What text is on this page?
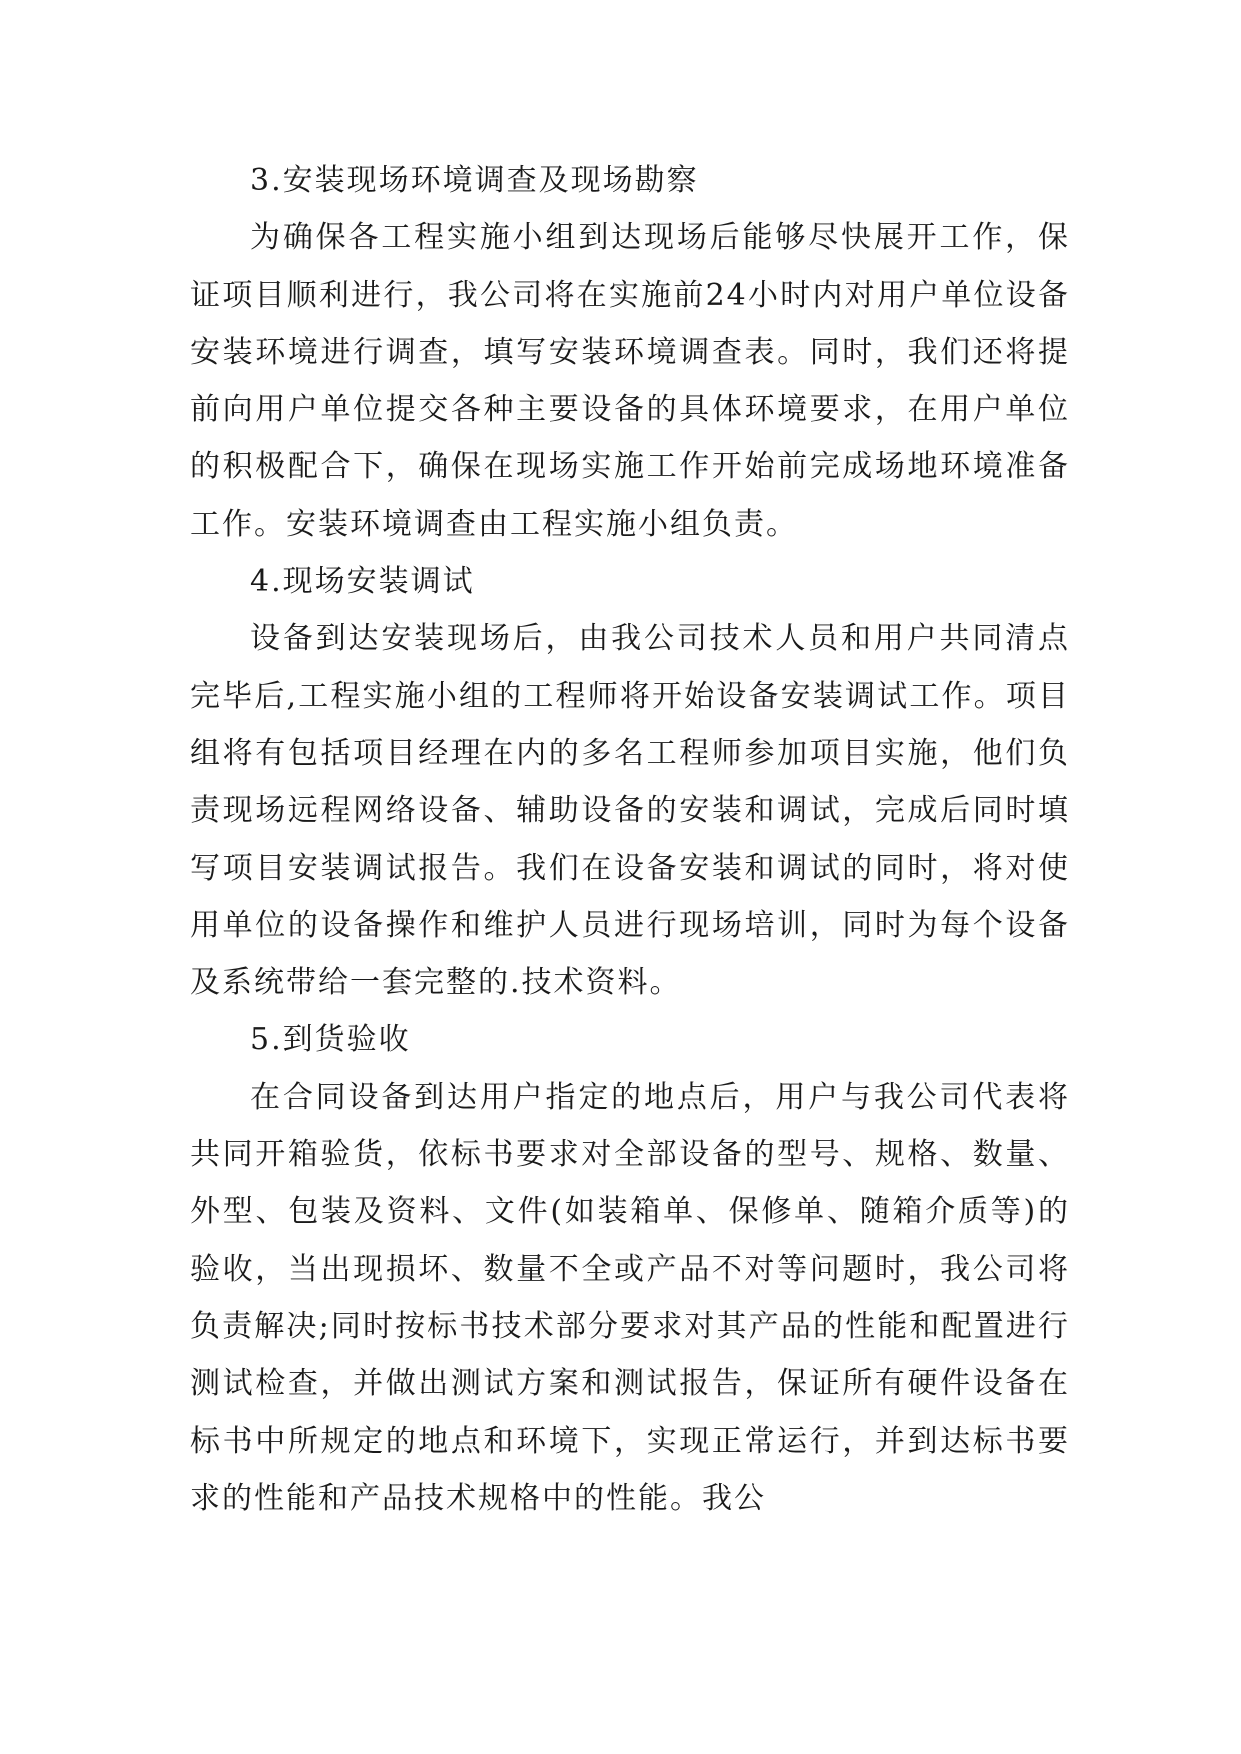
3.安装现场环境调查及现场勘察

为确保各工程实施小组到达现场后能够尽快展开工作，保证项目顺利进行，我公司将在实施前24小时内对用户单位设备安装环境进行调查，填写安装环境调查表。同时，我们还将提前向用户单位提交各种主要设备的具体环境要求，在用户单位的积极配合下，确保在现场实施工作开始前完成场地环境准备工作。安装环境调查由工程实施小组负责。

4.现场安装调试

设备到达安装现场后，由我公司技术人员和用户共同清点完毕后,工程实施小组的工程师将开始设备安装调试工作。项目组将有包括项目经理在内的多名工程师参加项目实施，他们负责现场远程网络设备、辅助设备的安装和调试，完成后同时填写项目安装调试报告。我们在设备安装和调试的同时，将对使用单位的设备操作和维护人员进行现场培训，同时为每个设备及系统带给一套完整的.技术资料。

5.到货验收

在合同设备到达用户指定的地点后，用户与我公司代表将共同开箱验货，依标书要求对全部设备的型号、规格、数量、外型、包装及资料、文件(如装箱单、保修单、随箱介质等)的验收，当出现损坏、数量不全或产品不对等问题时，我公司将负责解决;同时按标书技术部分要求对其产品的性能和配置进行测试检查，并做出测试方案和测试报告，保证所有硬件设备在标书中所规定的地点和环境下，实现正常运行，并到达标书要求的性能和产品技术规格中的性能。我公
